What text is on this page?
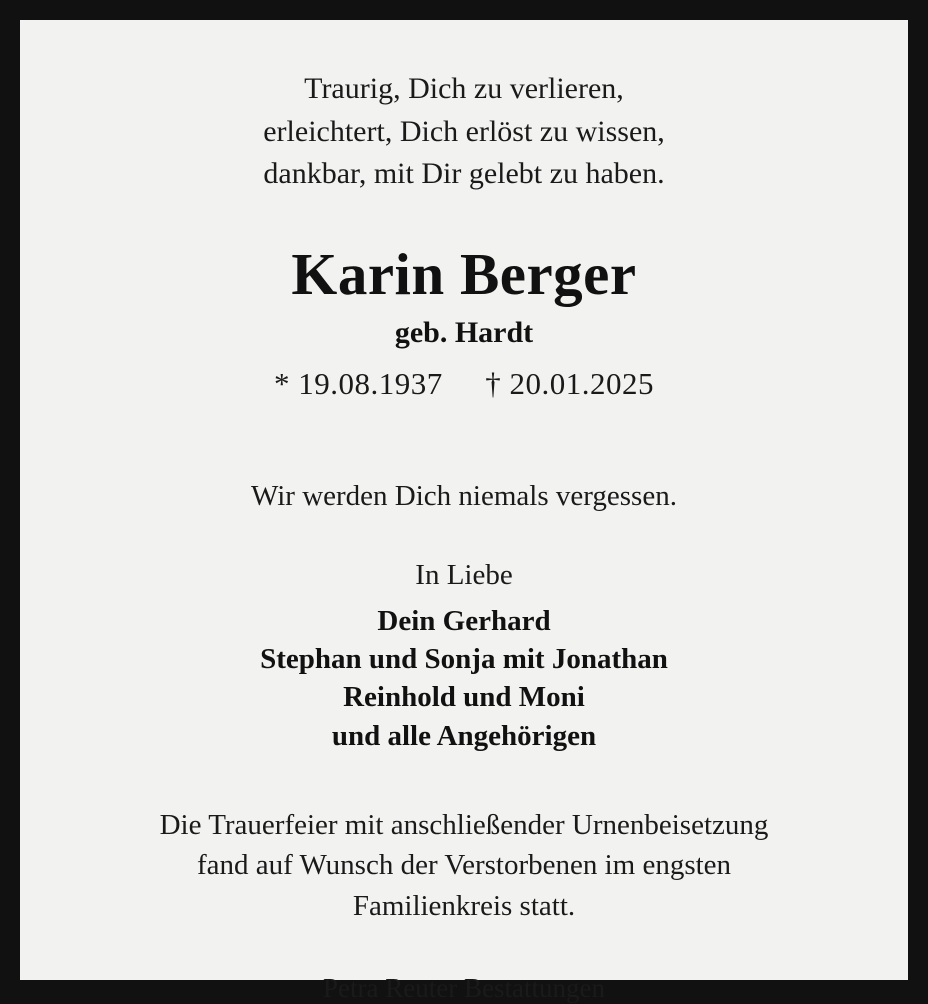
Traurig, Dich zu verlieren,
erleichtert, Dich erlöst zu wissen,
dankbar, mit Dir gelebt zu haben.
Karin Berger
geb. Hardt
* 19.08.1937 † 20.01.2025
Wir werden Dich niemals vergessen.
In Liebe
Dein Gerhard
Stephan und Sonja mit Jonathan
Reinhold und Moni
und alle Angehörigen
Die Trauerfeier mit anschließender Urnenbeisetzung
fand auf Wunsch der Verstorbenen im engsten
Familienkreis statt.
Petra Reuter Bestattungen
